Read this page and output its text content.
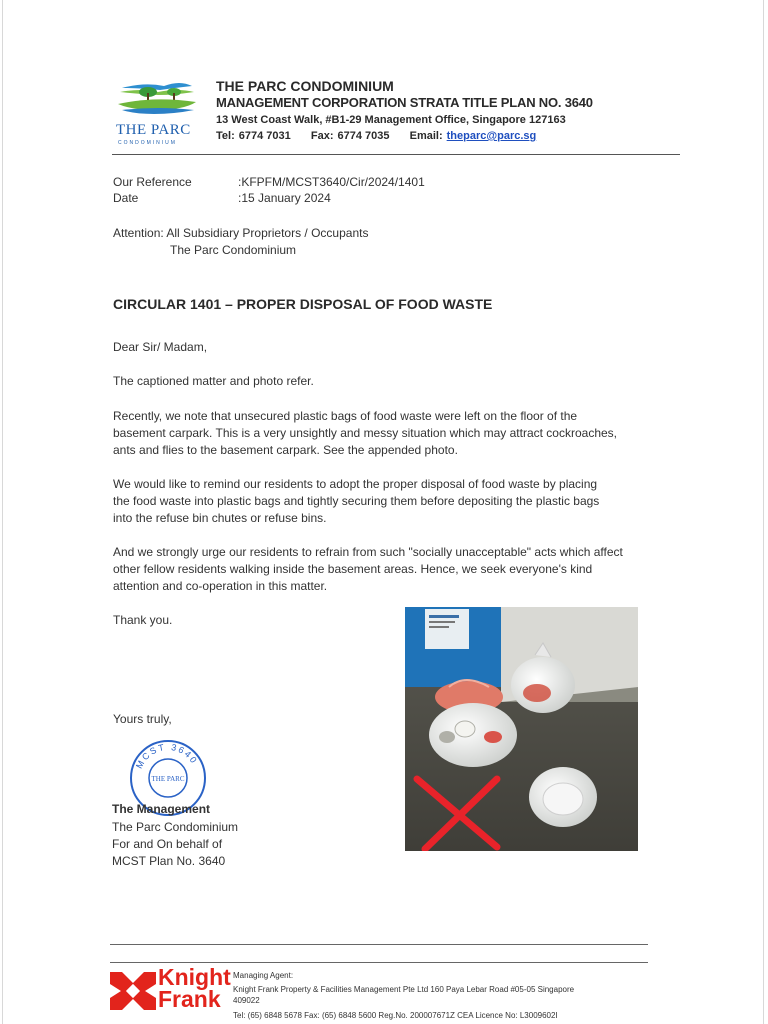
THE PARC
CONDOMINIUM
THE PARC CONDOMINIUM
MANAGEMENT CORPORATION STRATA TITLE PLAN NO. 3640
13 West Coast Walk, #B1-29 Management Office, Singapore 127163
Tel: 6774 7031 Fax: 6774 7035 Email: theparc@parc.sg
Our Reference	:KFPFM/MCST3640/Cir/2024/1401
Date	:15 January 2024
Attention: All Subsidiary Proprietors / Occupants
The Parc Condominium
CIRCULAR 1401 – PROPER DISPOSAL OF FOOD WASTE
Dear Sir/ Madam,
The captioned matter and photo refer.
Recently, we note that unsecured plastic bags of food waste were left on the floor of the
basement carpark. This is a very unsightly and messy situation which may attract cockroaches,
ants and flies to the basement carpark. See the appended photo.
We would like to remind our residents to adopt the proper disposal of food waste by placing
the food waste into plastic bags and tightly securing them before depositing the plastic bags
into the refuse bin chutes or refuse bins.
And we strongly urge our residents to refrain from such "socially unacceptable" acts which affect
other fellow residents walking inside the basement areas. Hence, we seek everyone's kind
attention and co-operation in this matter.
Thank you.
Yours truly,
MCST 3640
THE PARC
The Management
The Parc Condominium
For and On behalf of
MCST Plan No. 3640
Knight
Frank
Managing Agent:
Knight Frank Property & Facilities Management Pte Ltd 160 Paya Lebar Road #05-05 Singapore
409022
Tel: (65) 6848 5678 Fax: (65) 6848 5600 Reg.No. 200007671Z CEA Licence No: L3009602I
